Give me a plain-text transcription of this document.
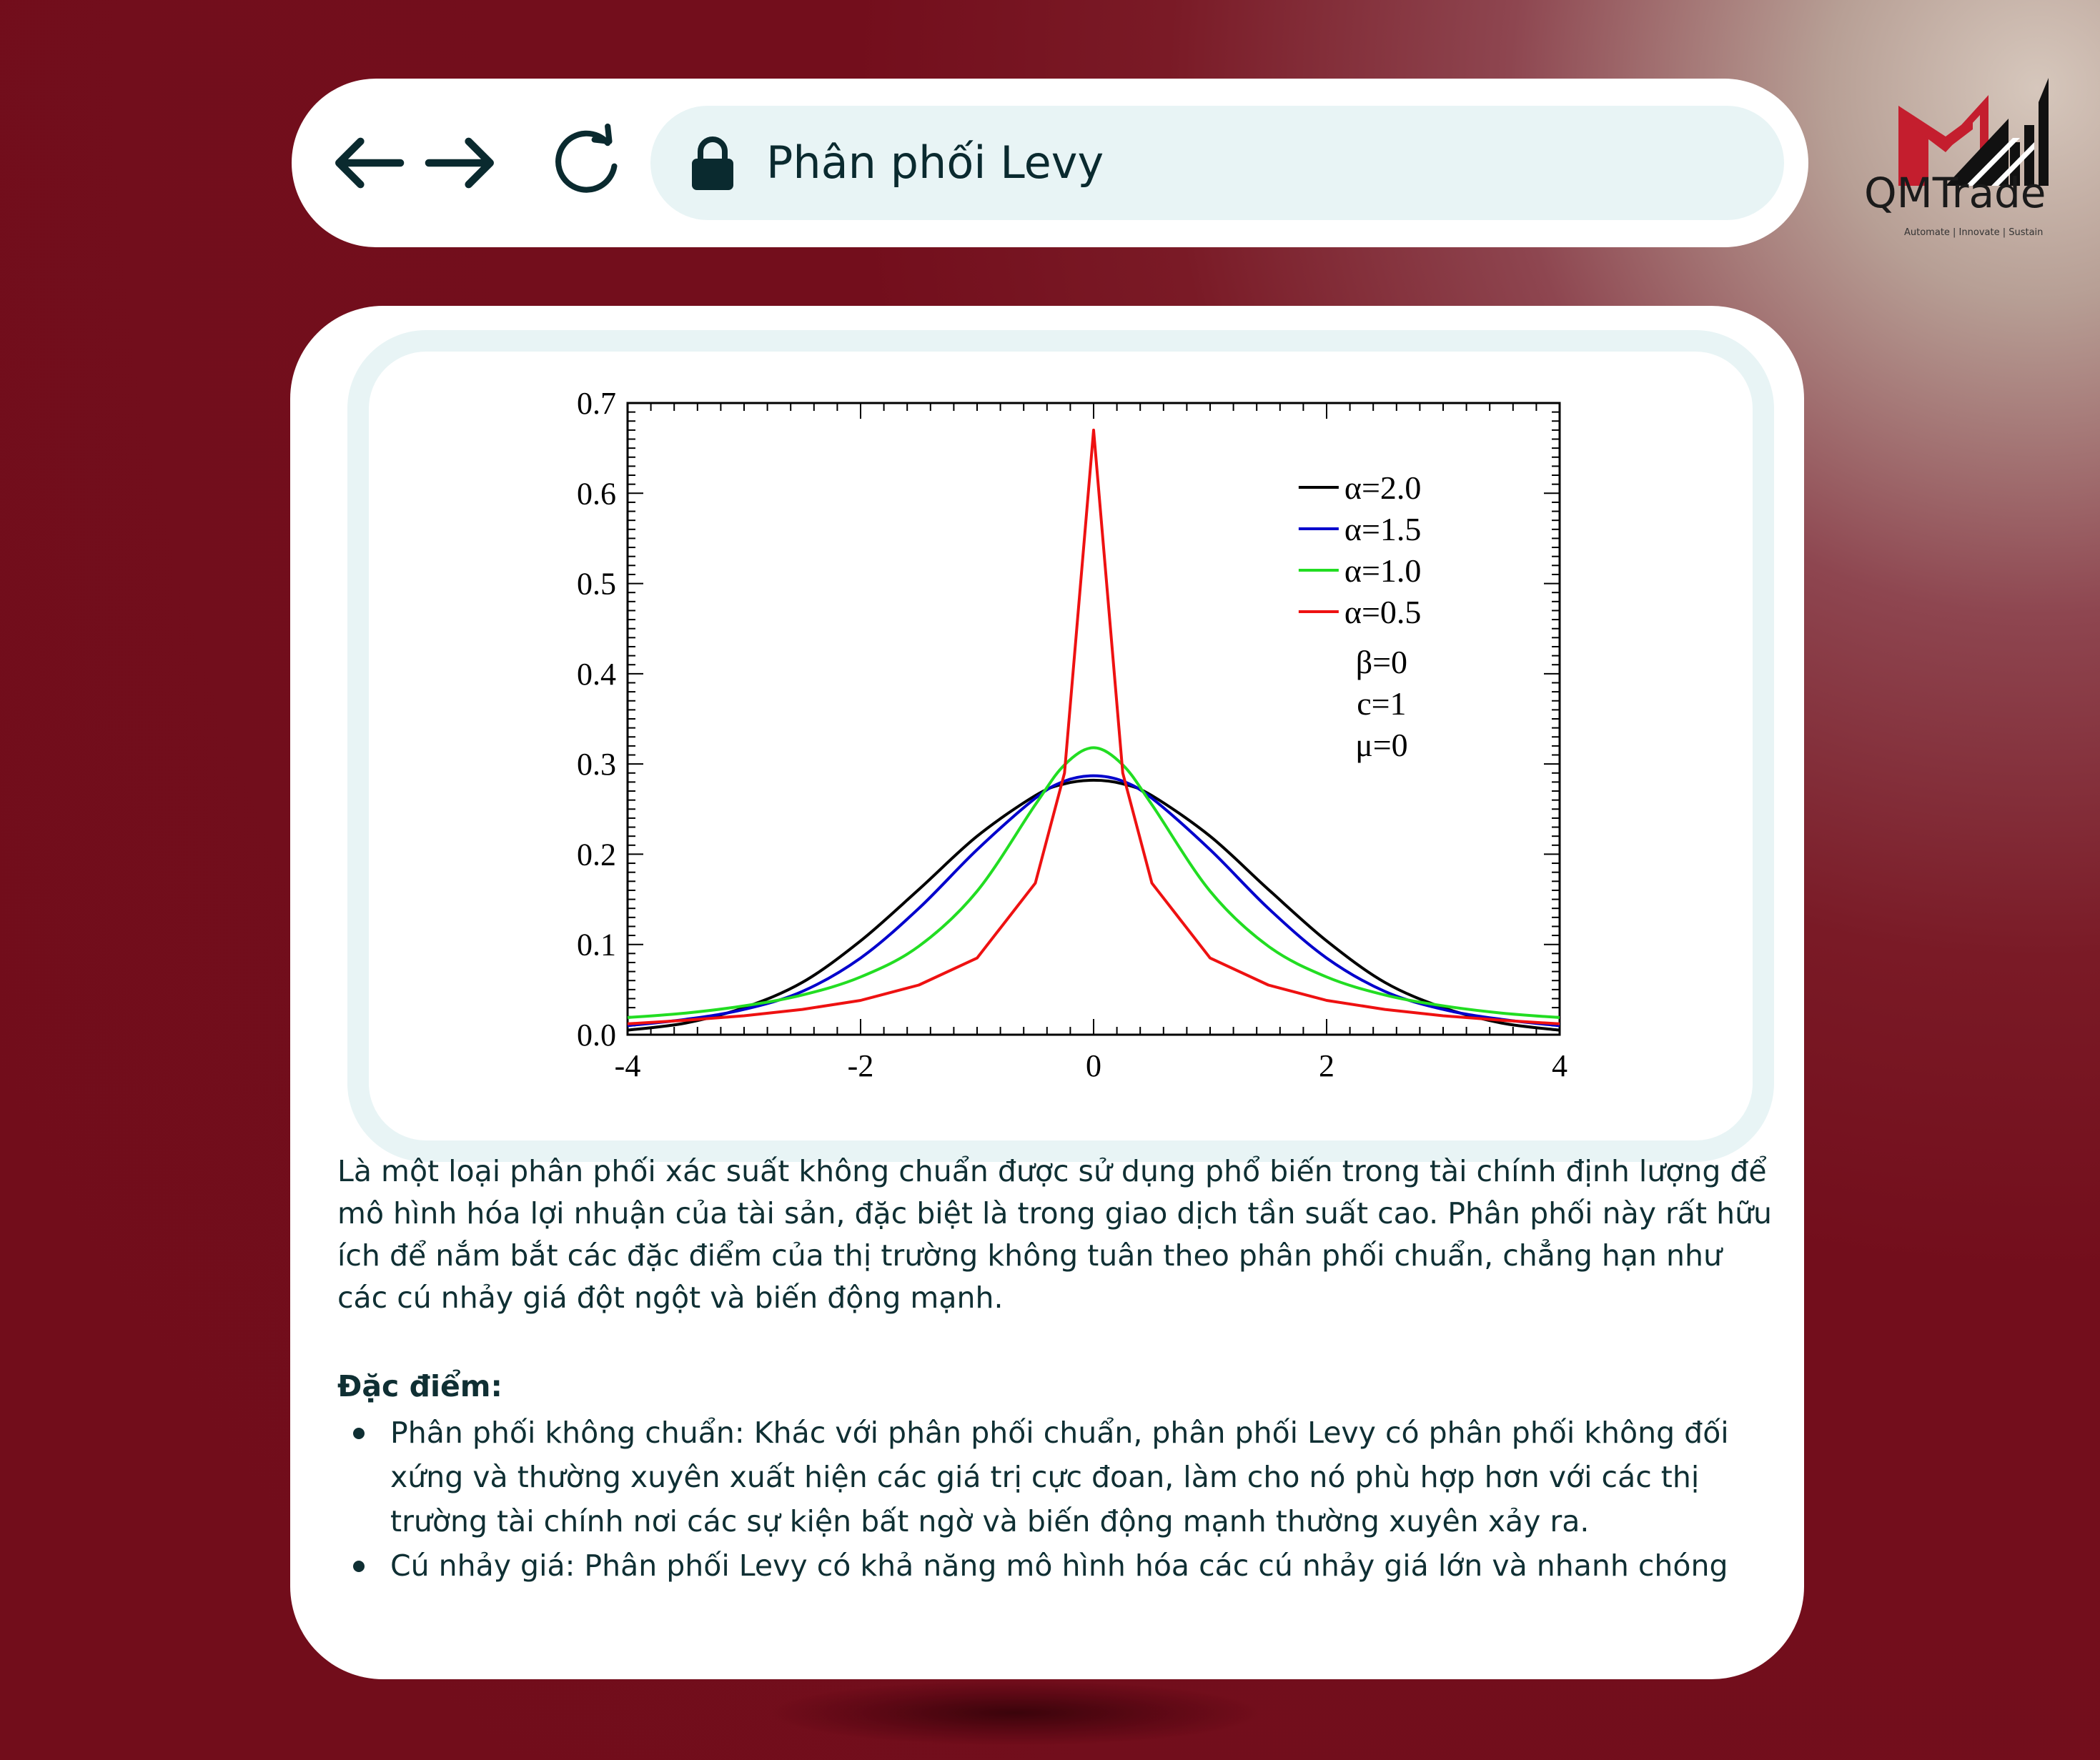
Phân phối Levy
QMTrade
Automate | Innovate | Sustain
-4	-2	0	2	4
0.0
0.1
0.2
0.3
0.4
0.5
0.6
0.7
α=2.0
α=1.5
α=1.0
α=0.5
β=0
c=1
μ=0

Là một loại phân phối xác suất không chuẩn được sử dụng phổ biến trong tài chính định lượng để mô hình hóa lợi nhuận của tài sản, đặc biệt là trong giao dịch tần suất cao. Phân phối này rất hữu ích để nắm bắt các đặc điểm của thị trường không tuân theo phân phối chuẩn, chẳng hạn như các cú nhảy giá đột ngột và biến động mạnh.

Đặc điểm:
Phân phối không chuẩn: Khác với phân phối chuẩn, phân phối Levy có phân phối không đối xứng và thường xuyên xuất hiện các giá trị cực đoan, làm cho nó phù hợp hơn với các thị trường tài chính nơi các sự kiện bất ngờ và biến động mạnh thường xuyên xảy ra.
Cú nhảy giá: Phân phối Levy có khả năng mô hình hóa các cú nhảy giá lớn và nhanh chóng
